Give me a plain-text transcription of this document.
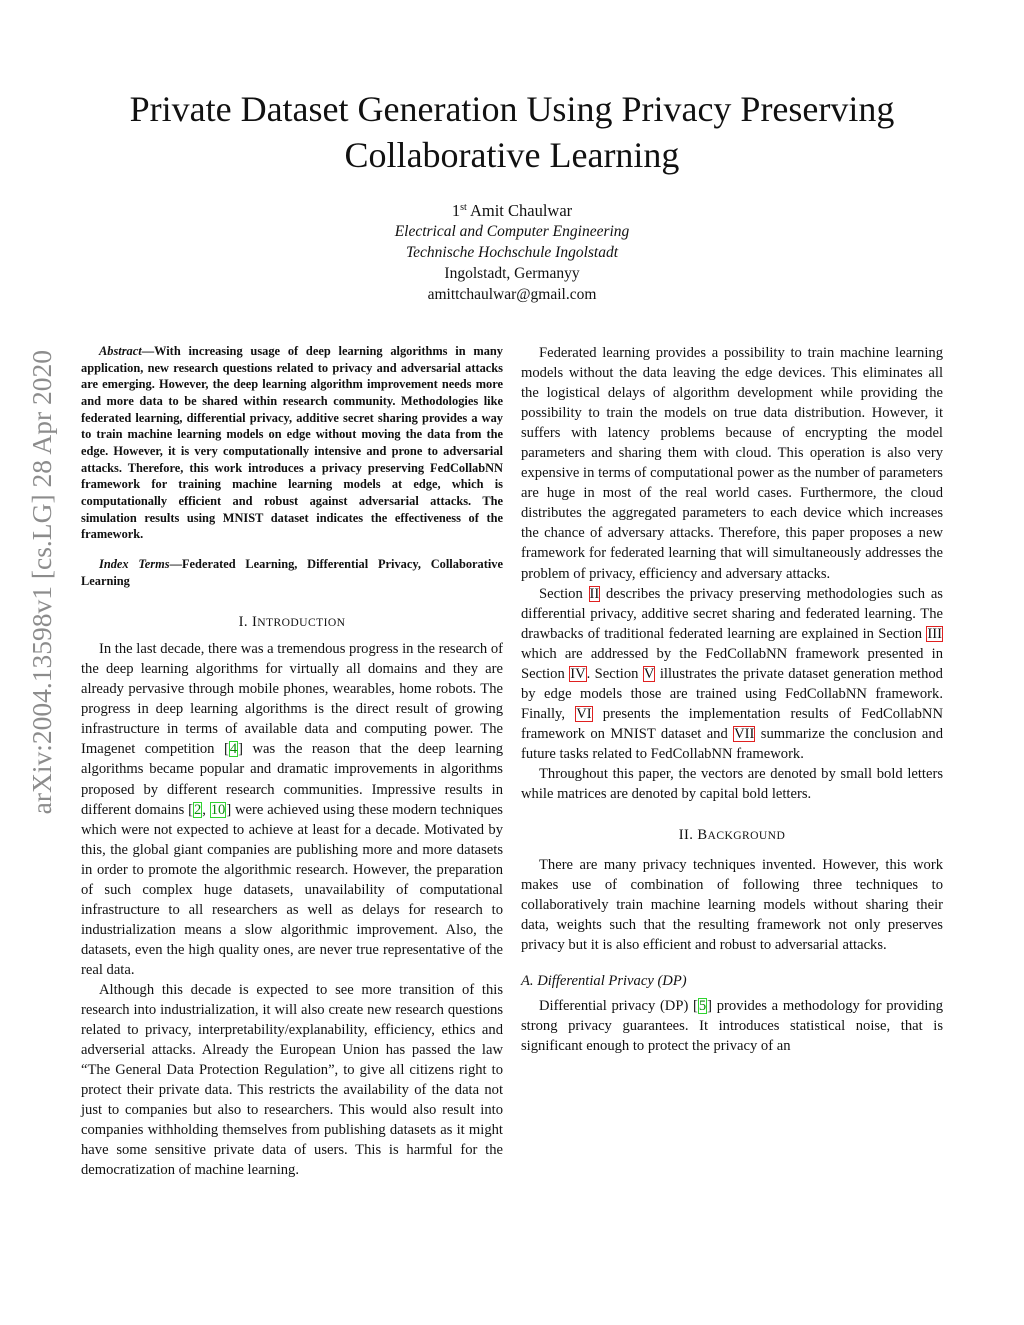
arXiv:2004.13598v1 [cs.LG] 28 Apr 2020
Private Dataset Generation Using Privacy Preserving Collaborative Learning
1st Amit Chaulwar
Electrical and Computer Engineering
Technische Hochschule Ingolstadt
Ingolstadt, Germanyy
amittchaulwar@gmail.com

Abstract—With increasing usage of deep learning algorithms in many application, new research questions related to privacy and adversarial attacks are emerging. However, the deep learning algorithm improvement needs more and more data to be shared within research community. Methodologies like federated learning, differential privacy, additive secret sharing provides a way to train machine learning models on edge without moving the data from the edge. However, it is very computationally intensive and prone to adversarial attacks. Therefore, this work introduces a privacy preserving FedCollabNN framework for training machine learning models at edge, which is computationally efficient and robust against adversarial attacks. The simulation results using MNIST dataset indicates the effectiveness of the framework.

Index Terms—Federated Learning, Differential Privacy, Collaborative Learning

I. INTRODUCTION

In the last decade, there was a tremendous progress in the research of the deep learning algorithms for virtually all domains and they are already pervasive through mobile phones, wearables, home robots. The progress in deep learning algorithms is the direct result of growing infrastructure in terms of available data and computing power. The Imagenet competition [4] was the reason that the deep learning algorithms became popular and dramatic improvements in algorithms proposed by different research communities. Impressive results in different domains [2, 10] were achieved using these modern techniques which were not expected to achieve at least for a decade. Motivated by this, the global giant companies are publishing more and more datasets in order to promote the algorithmic research. However, the preparation of such complex huge datasets, unavailability of computational infrastructure to all researchers as well as delays for research to industrialization means a slow algorithmic improvement. Also, the datasets, even the high quality ones, are never true representative of the real data.

Although this decade is expected to see more transition of this research into industrialization, it will also create new research questions related to privacy, interpretability/explanability, efficiency, ethics and adverserial attacks. Already the European Union has passed the law “The General Data Protection Regulation”, to give all citizens right to protect their private data. This restricts the availability of the data not just to companies but also to researchers. This would also result into companies withholding themselves from publishing datasets as it might have some sensitive private data of users. This is harmful for the democratization of machine learning.

Federated learning provides a possibility to train machine learning models without the data leaving the edge devices. This eliminates all the logistical delays of algorithm development while providing the possibility to train the models on true data distribution. However, it suffers with latency problems because of encrypting the model parameters and sharing them with cloud. This operation is also very expensive in terms of computational power as the number of parameters are huge in most of the real world cases. Furthermore, the cloud distributes the aggregated parameters to each device which increases the chance of adversary attacks. Therefore, this paper proposes a new framework for federated learning that will simultaneously addresses the problem of privacy, efficiency and adversary attacks.

Section II describes the privacy preserving methodologies such as differential privacy, additive secret sharing and federated learning. The drawbacks of traditional federated learning are explained in Section III which are addressed by the FedCollabNN framework presented in Section IV. Section V illustrates the private dataset generation method by edge models those are trained using FedCollabNN framework. Finally, VI presents the implementation results of FedCollabNN framework on MNIST dataset and VII summarize the conclusion and future tasks related to FedCollabNN framework.

Throughout this paper, the vectors are denoted by small bold letters while matrices are denoted by capital bold letters.

II. BACKGROUND

There are many privacy techniques invented. However, this work makes use of combination of following three techniques to collaboratively train machine learning models without sharing their data, weights such that the resulting framework not only preserves privacy but it is also efficient and robust to adversarial attacks.

A. Differential Privacy (DP)

Differential privacy (DP) [5] provides a methodology for providing strong privacy guarantees. It introduces statistical noise, that is significant enough to protect the privacy of an
